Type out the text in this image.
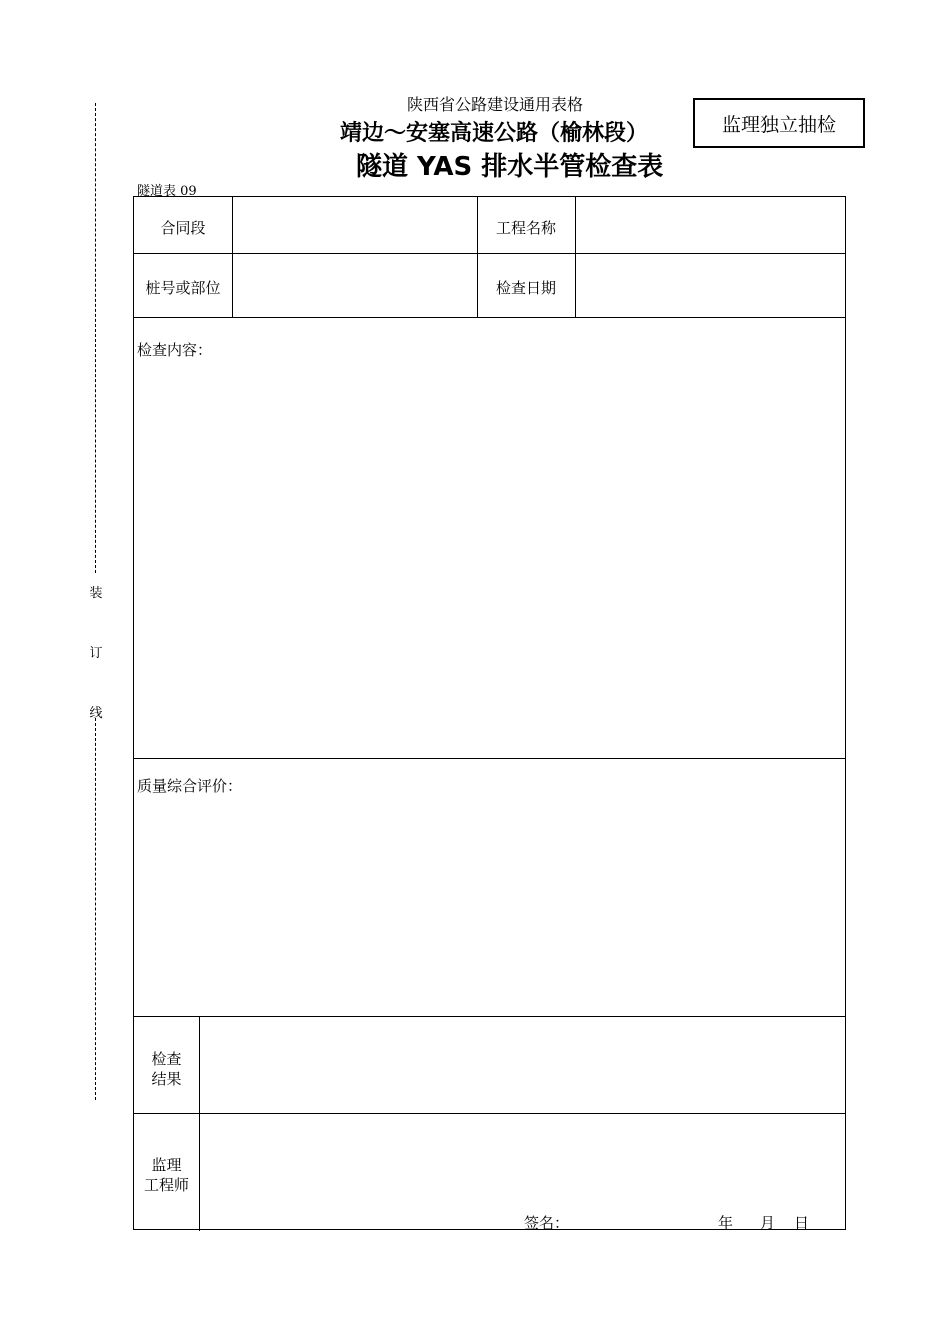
装
订
线
陕西省公路建设通用表格
靖边～安塞高速公路（榆林段）
隧道 YAS 排水半管检查表
监理独立抽检
隧道表 09
合同段	工程名称
桩号或部位	检查日期
检查内容：
质量综合评价：
检查
结果
监理
工程师
签名：	年 月 日
